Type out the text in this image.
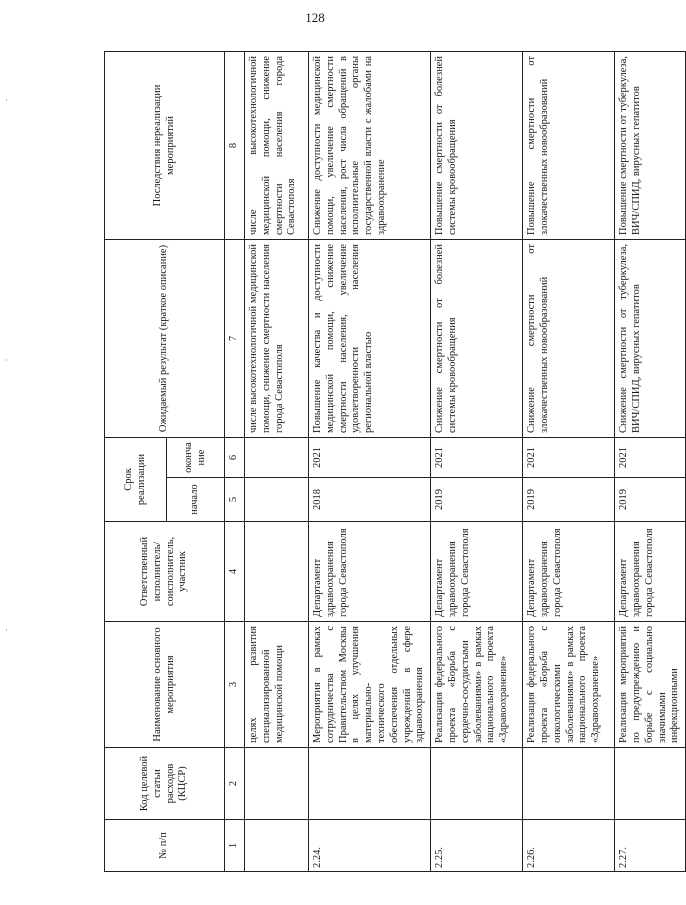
128
·
·
·
№ п/п	Код целевой статьи расходов (КЦСР)	Наименование основного мероприятия	Ответственный исполнитель/ соисполнитель, участник	Срок реализации		Ожидаемый результат (краткое описание)	Последствия нереализации мероприятий
				начало	оконча ние		
1	2	3	4	5	6	7	8
		целях развития специализированной медицинской помощи				числе высокотехнологичной медицинской помощи, снижение смертности населения города Севастополя	числе высокотехнологичной медицинской помощи, снижение смертности населения города Севастополя
2.24.		Мероприятия в рамках сотрудничества с Правительством Москвы в целях улучшения материально-технического обеспечения отдельных учреждений в сфере здравоохранения	Департамент здравоохранения города Севастополя	2018	2021	Повышение качества и доступности медицинской помощи, снижение смертности населения, увеличение удовлетворенности населения региональной властью	Снижение доступности медицинской помощи, увеличение смертности населения, рост числа обращений в исполнительные органы государственной власти с жалобами на здравоохранение
2.25.		Реализация федерального проекта «Борьба с сердечно-сосудистыми заболеваниями» в рамках национального проекта «Здравоохранение»	Департамент здравоохранения города Севастополя	2019	2021	Снижение смертности от болезней системы кровообращения	Повышение смертности от болезней системы кровообращения
2.26.		Реализация федерального проекта «Борьба с онкологическими заболеваниями» в рамках национального проекта «Здравоохранение»	Департамент здравоохранения города Севастополя	2019	2021	Снижение смертности от злокачественных новообразований	Повышение смертности от злокачественных новообразований
2.27.		Реализация мероприятий по предупреждению и борьбе с социально значимыми инфекционными	Департамент здравоохранения города Севастополя	2019	2021	Снижение смертности от туберкулеза, ВИЧ/СПИД, вирусных гепатитов	Повышение смертности от туберкулеза, ВИЧ/СПИД, вирусных гепатитов
